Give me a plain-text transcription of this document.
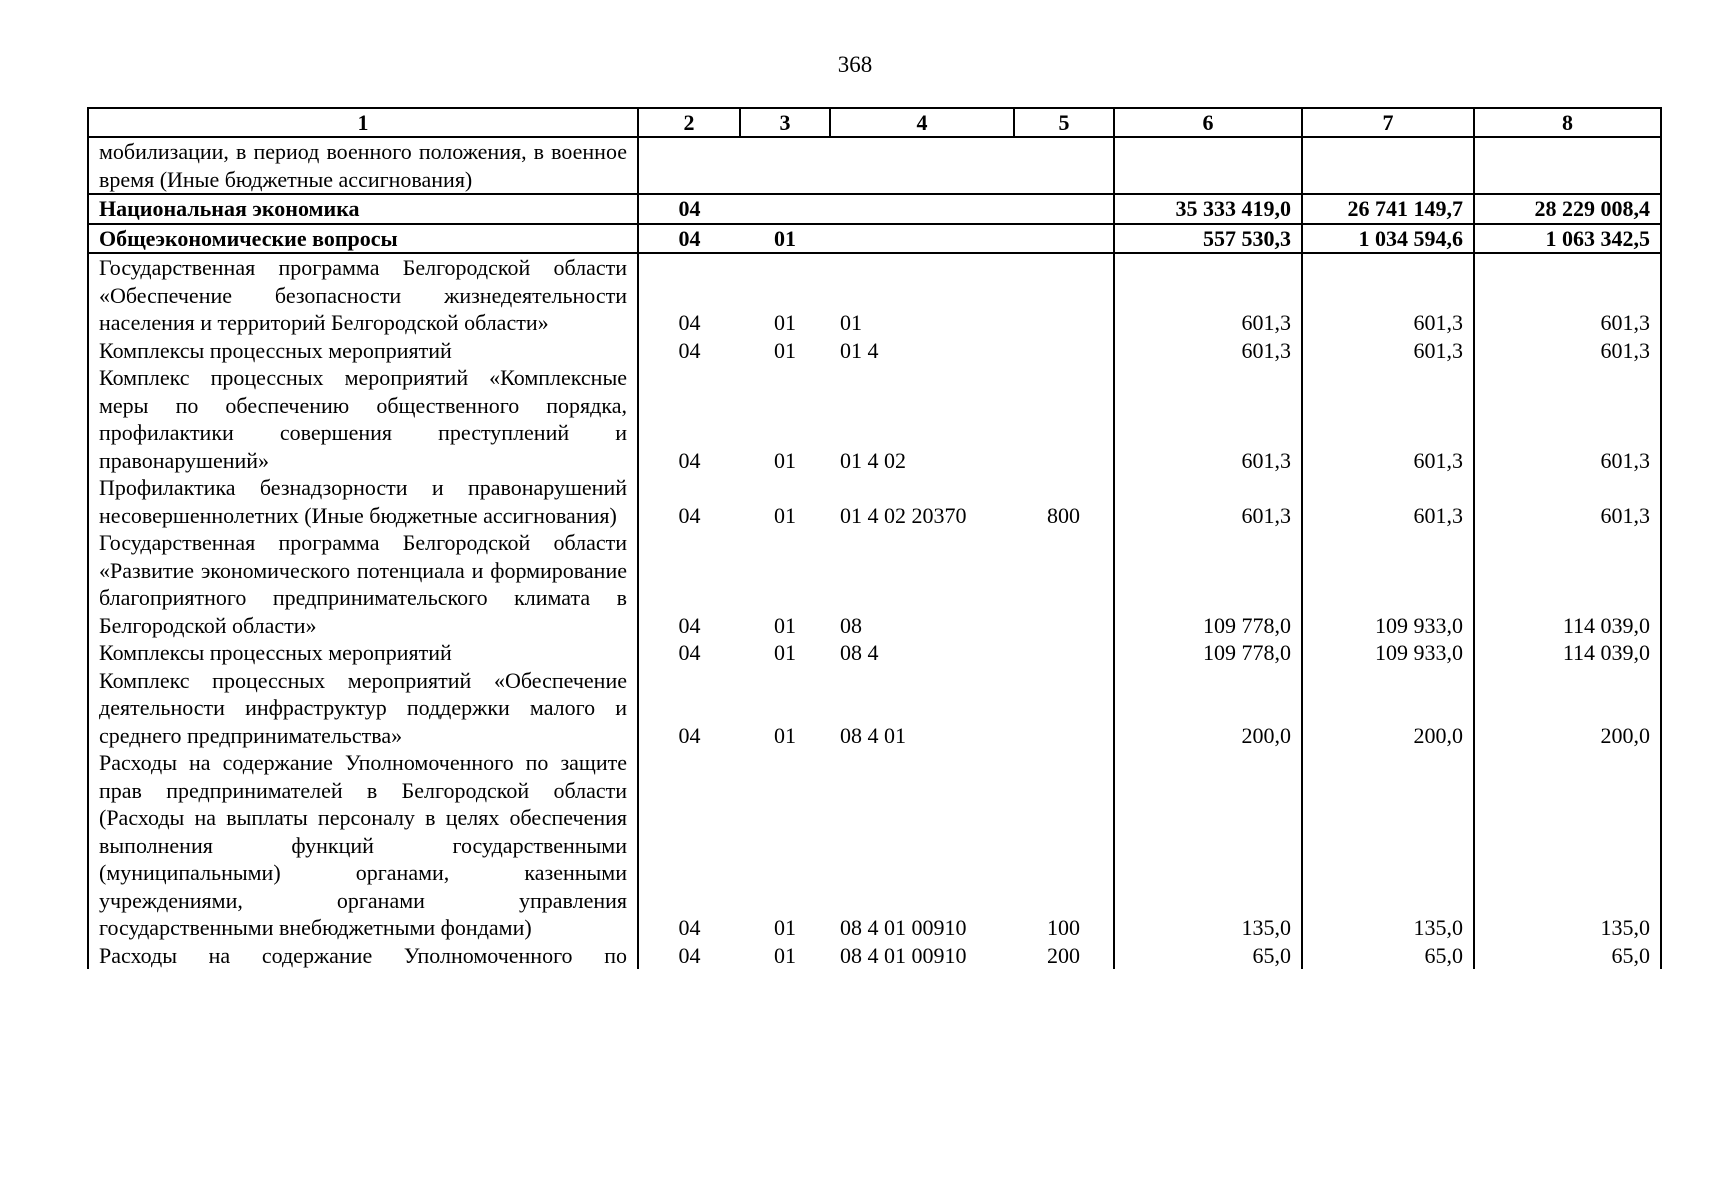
368
1	2	3	4	5	6	7	8
мобилизации, в период военного положения, в военное время (Иные бюджетные ассигнования)							
Национальная экономика	04				35 333 419,0	26 741 149,7	28 229 008,4
Общеэкономические вопросы	04	01			557 530,3	1 034 594,6	1 063 342,5
Государственная программа Белгородской области «Обеспечение безопасности жизнедеятельности населения и территорий Белгородской области»	04	01	01		601,3	601,3	601,3
Комплексы процессных мероприятий	04	01	01 4		601,3	601,3	601,3
Комплекс процессных мероприятий «Комплексные меры по обеспечению общественного порядка, профилактики совершения преступлений и правонарушений»	04	01	01 4 02		601,3	601,3	601,3
Профилактика безнадзорности и правонарушений несовершеннолетних (Иные бюджетные ассигнования)	04	01	01 4 02 20370	800	601,3	601,3	601,3
Государственная программа Белгородской области «Развитие экономического потенциала и формирование благоприятного предпринимательского климата в Белгородской области»	04	01	08		109 778,0	109 933,0	114 039,0
Комплексы процессных мероприятий	04	01	08 4		109 778,0	109 933,0	114 039,0
Комплекс процессных мероприятий «Обеспечение деятельности инфраструктур поддержки малого и среднего предпринимательства»	04	01	08 4 01		200,0	200,0	200,0
Расходы на содержание Уполномоченного по защите прав предпринимателей в Белгородской области (Расходы на выплаты персоналу в целях обеспечения выполнения функций государственными (муниципальными) органами, казенными учреждениями, органами управления государственными внебюджетными фондами)	04	01	08 4 01 00910	100	135,0	135,0	135,0
Расходы на содержание Уполномоченного по	04	01	08 4 01 00910	200	65,0	65,0	65,0
